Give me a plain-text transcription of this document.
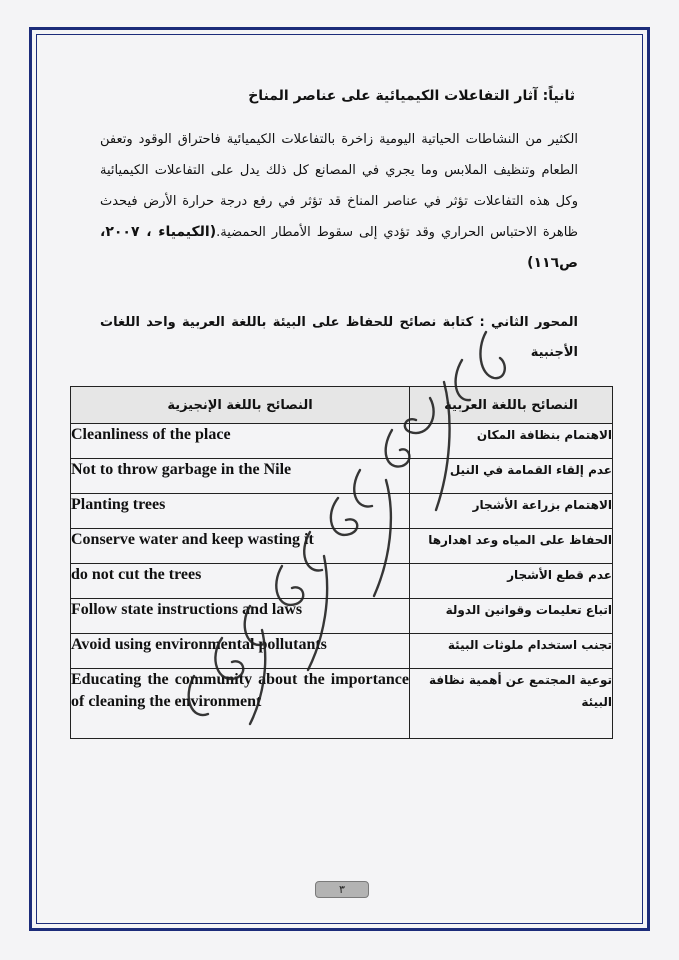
ثانياً: آثار التفاعلات الكيميائية على عناصر المناخ
الكثير من النشاطات الحياتية اليومية زاخرة بالتفاعلات الكيميائية فاحتراق الوقود وتعفن الطعام وتنظيف الملابس وما يجري في المصانع كل ذلك يدل على التفاعلات الكيميائية وكل هذه التفاعلات تؤثر في عناصر المناخ قد تؤثر في رفع درجة حرارة الأرض فيحدث ظاهرة الاحتباس الحراري وقد تؤدي إلى سقوط الأمطار الحمضية.(الكيمياء ، ٢٠٠٧، ص١١٦)
المحور الثاني : كتابة نصائح للحفاظ على البيئة باللغة العربية واحد اللغات الأجنبية
النصائح باللغة الإنجيزية	النصائح باللغة العربية
Cleanliness of the place	الاهتمام بنظافة المكان
Not to throw garbage in the Nile	عدم إلقاء القمامة في النيل
Planting trees	الاهتمام بزراعة الأشجار
Conserve water and keep wasting it	الحفاظ على المياه وعد اهدارها
do not cut the trees	عدم قطع الأشجار
Follow state instructions and laws	اتباع تعليمات وقوانين الدولة
Avoid using environmental pollutants	تجنب استخدام ملوثات البيئة
Educating the community about the importance of cleaning the environment	توعية المجتمع عن أهمية نظافة البيئة
٣
